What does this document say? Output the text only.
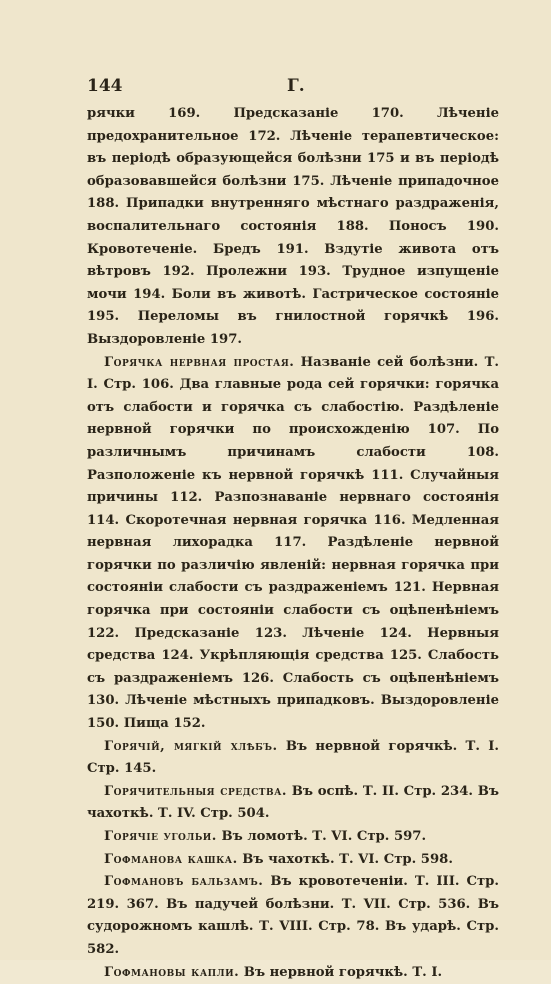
144	Г.

рячки 169. Предсказаніе 170. Лѣченіе предохранительное 172. Лѣченіе терапевтическое: въ періодѣ образующейся болѣзни 175 и въ періодѣ образовавшейся болѣзни 175. Лѣченіе припадочное 188. Припадки внутренняго мѣстнаго раздраженія, воспалительнаго состоянія 188. Поносъ 190. Кровотеченіе. Бредъ 191. Вздутіе живота отъ вѣтровъ 192. Пролежни 193. Трудное изпущеніе мочи 194. Боли въ животѣ. Гастрическое состояніе 195. Переломы въ гнилостной горячкѣ 196. Выздоровленіе 197.

Горячка нервная простая. Названіе сей болѣзни. Т. I. Стр. 106. Два главные рода сей горячки: горячка отъ слабости и горячка съ слабостію. Раздѣленіе нервной горячки по происхожденію 107. По различнымъ причинамъ слабости 108. Разположеніе къ нервной горячкѣ 111. Случайныя причины 112. Разпознаваніе нервнаго состоянія 114. Скоротечная нервная горячка 116. Медленная нервная лихорадка 117. Раздѣленіе нервной горячки по различію явленій: нервная горячка при состояніи слабости съ раздраженіемъ 121. Нервная горячка при состояніи слабости съ оцѣпенѣніемъ 122. Предсказаніе 123. Лѣченіе 124. Нервныя средства 124. Укрѣпляющія средства 125. Слабость съ раздраженіемъ 126. Слабость съ оцѣпенѣніемъ 130. Лѣченіе мѣстныхъ припадковъ. Выздоровленіе 150. Пища 152.

Горячій, мягкій хлѣбъ. Въ нервной горячкѣ. Т. I. Стр. 145.

Горячительныя средства. Въ оспѣ. Т. II. Стр. 234. Въ чахоткѣ. Т. IV. Стр. 504.

Горячіе угольи. Въ ломотѣ. Т. VI. Стр. 597.

Гофманова кашка. Въ чахоткѣ. Т. VI. Стр. 598.

Гофмановъ бальзамъ. Въ кровотеченіи. Т. III. Стр. 219. 367. Въ падучей болѣзни. Т. VII. Стр. 536. Въ судорожномъ кашлѣ. Т. VIII. Стр. 78. Въ ударѣ. Стр. 582.

Гофмановы капли. Въ нервной горячкѣ. Т. I.
